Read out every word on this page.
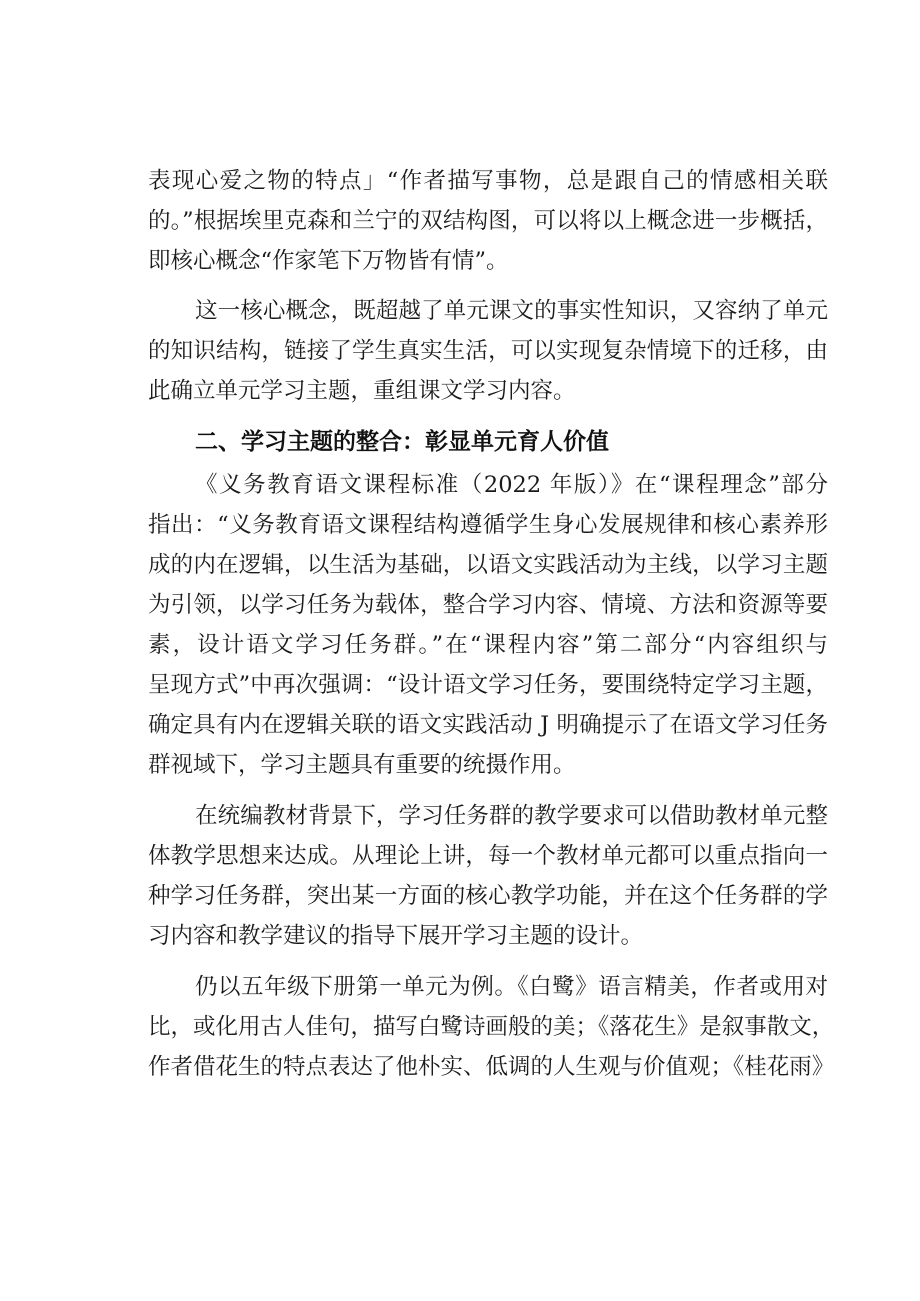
表现心爱之物的特点」“作者描写事物，总是跟自己的情感相关联
的。”根据埃里克森和兰宁的双结构图，可以将以上概念进一步概括，
即核心概念“作家笔下万物皆有情”。
这一核心概念，既超越了单元课文的事实性知识，又容纳了单元
的知识结构，链接了学生真实生活，可以实现复杂情境下的迁移，由
此确立单元学习主题，重组课文学习内容。
二、学习主题的整合：彰显单元育人价值
《义务教育语文课程标准（2022 年版）》在“课程理念”部分
指出：“义务教育语文课程结构遵循学生身心发展规律和核心素养形
成的内在逻辑，以生活为基础，以语文实践活动为主线，以学习主题
为引领，以学习任务为载体，整合学习内容、情境、方法和资源等要
素，设计语文学习任务群。”在“课程内容”第二部分“内容组织与
呈现方式”中再次强调：“设计语文学习任务，要围绕特定学习主题，
确定具有内在逻辑关联的语文实践活动 J 明确提示了在语文学习任务
群视域下，学习主题具有重要的统摄作用。
在统编教材背景下，学习任务群的教学要求可以借助教材单元整
体教学思想来达成。从理论上讲，每一个教材单元都可以重点指向一
种学习任务群，突出某一方面的核心教学功能，并在这个任务群的学
习内容和教学建议的指导下展开学习主题的设计。
仍以五年级下册第一单元为例。《白鹭》语言精美，作者或用对
比，或化用古人佳句，描写白鹭诗画般的美；《落花生》是叙事散文，
作者借花生的特点表达了他朴实、低调的人生观与价值观；《桂花雨》
